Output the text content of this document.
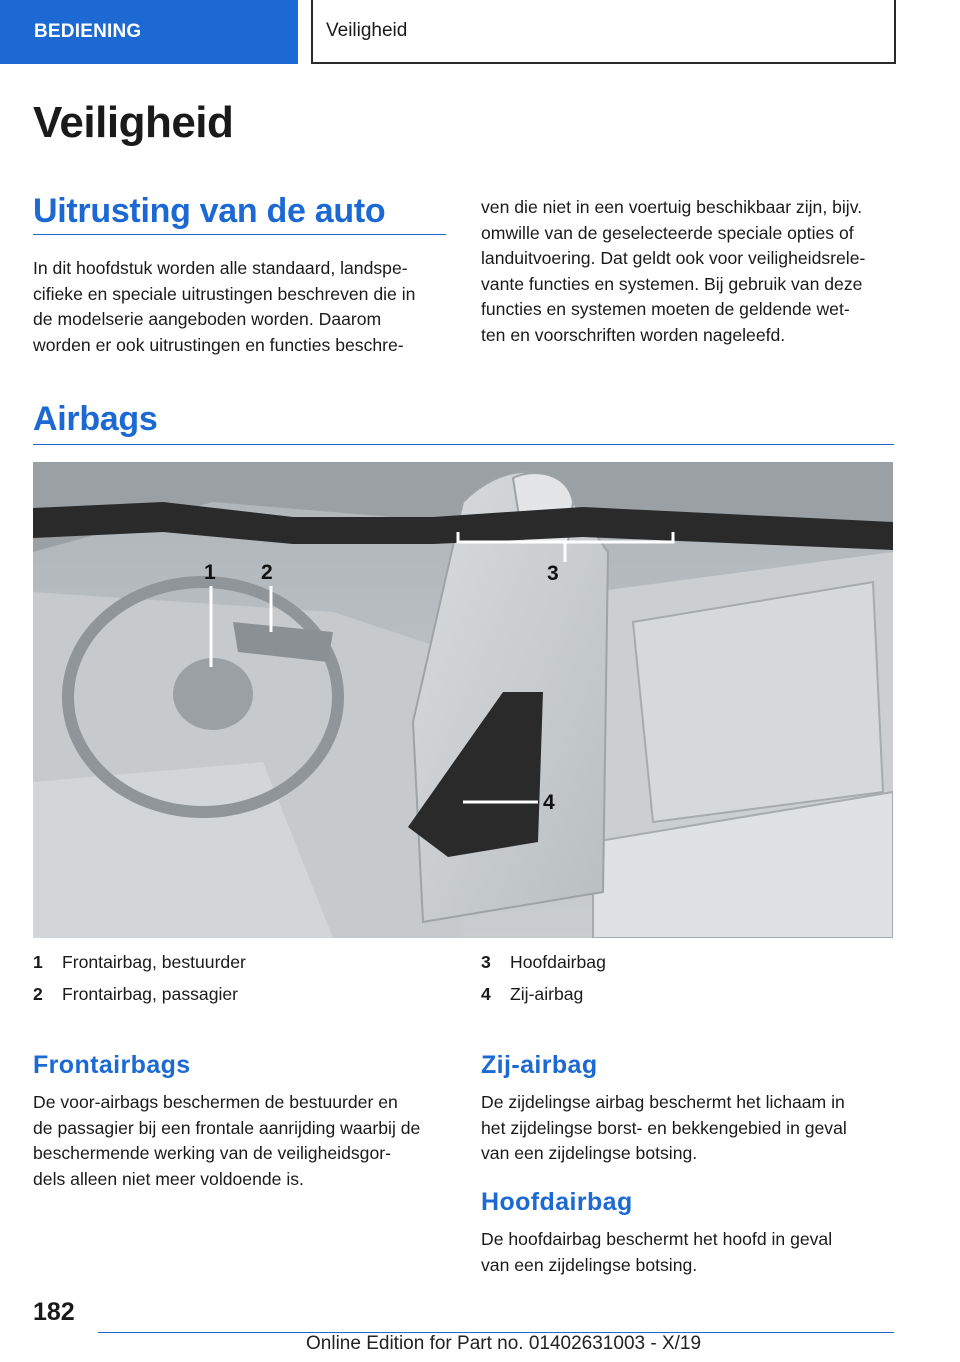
BEDIENING	Veiligheid
Veiligheid
Uitrusting van de auto

In dit hoofdstuk worden alle standaard, landspe-
cifieke en speciale uitrustingen beschreven die in
de modelserie aangeboden worden. Daarom
worden er ook uitrustingen en functies beschre-

ven die niet in een voertuig beschikbaar zijn, bijv.
omwille van de geselecteerde speciale opties of
landuitvoering. Dat geldt ook voor veiligheidsrele-
vante functies en systemen. Bij gebruik van deze
functies en systemen moeten de geldende wet-
ten en voorschriften worden nageleefd.

Airbags
1 2	3
4
1	Frontairbag, bestuurder
2	Frontairbag, passagier
3	Hoofdairbag
4	Zij-airbag
Frontairbags

De voor-airbags beschermen de bestuurder en
de passagier bij een frontale aanrijding waarbij de
beschermende werking van de veiligheidsgor-
dels alleen niet meer voldoende is.

Zij-airbag

De zijdelingse airbag beschermt het lichaam in
het zijdelingse borst- en bekkengebied in geval
van een zijdelingse botsing.

Hoofdairbag

De hoofdairbag beschermt het hoofd in geval
van een zijdelingse botsing.

182
Online Edition for Part no. 01402631003 - X/19
